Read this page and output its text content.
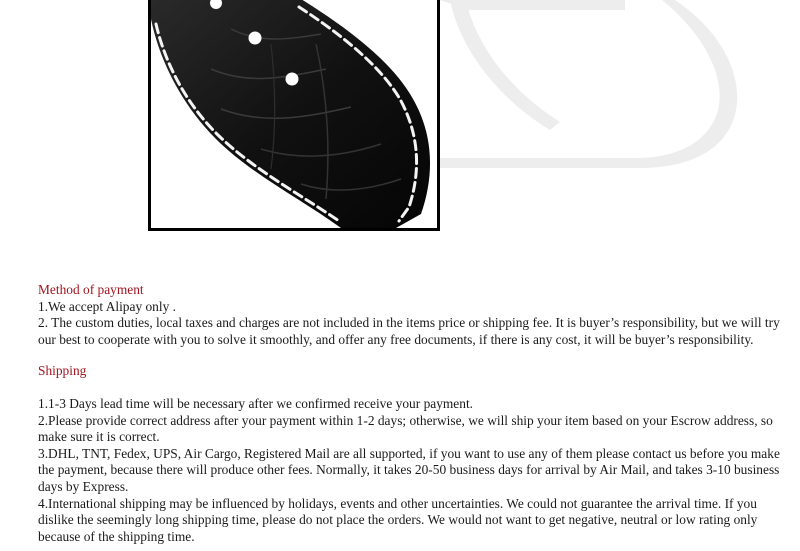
Method of payment

1.We accept Alipay only .

2. The custom duties, local taxes and charges are not included in the items price or shipping fee. It is buyer’s responsibility, but we will try our best to cooperate with you to solve it smoothly, and offer any free documents, if there is any cost, it will be buyer’s responsibility.

Shipping

1.1-3 Days lead time will be necessary after we confirmed receive your payment.

2.Please provide correct address after your payment within 1-2 days; otherwise, we will ship your item based on your Escrow address, so make sure it is correct.

3.DHL, TNT, Fedex, UPS, Air Cargo, Registered Mail are all supported, if you want to use any of them please contact us before you make the payment, because there will produce other fees. Normally, it takes 20-50 business days for arrival by Air Mail, and takes 3-10 business days by Express.

4.International shipping may be influenced by holidays, events and other uncertainties. We could not guarantee the arrival time. If you dislike the seemingly long shipping time, please do not place the orders. We would not want to get negative, neutral or low rating only because of the shipping time.
